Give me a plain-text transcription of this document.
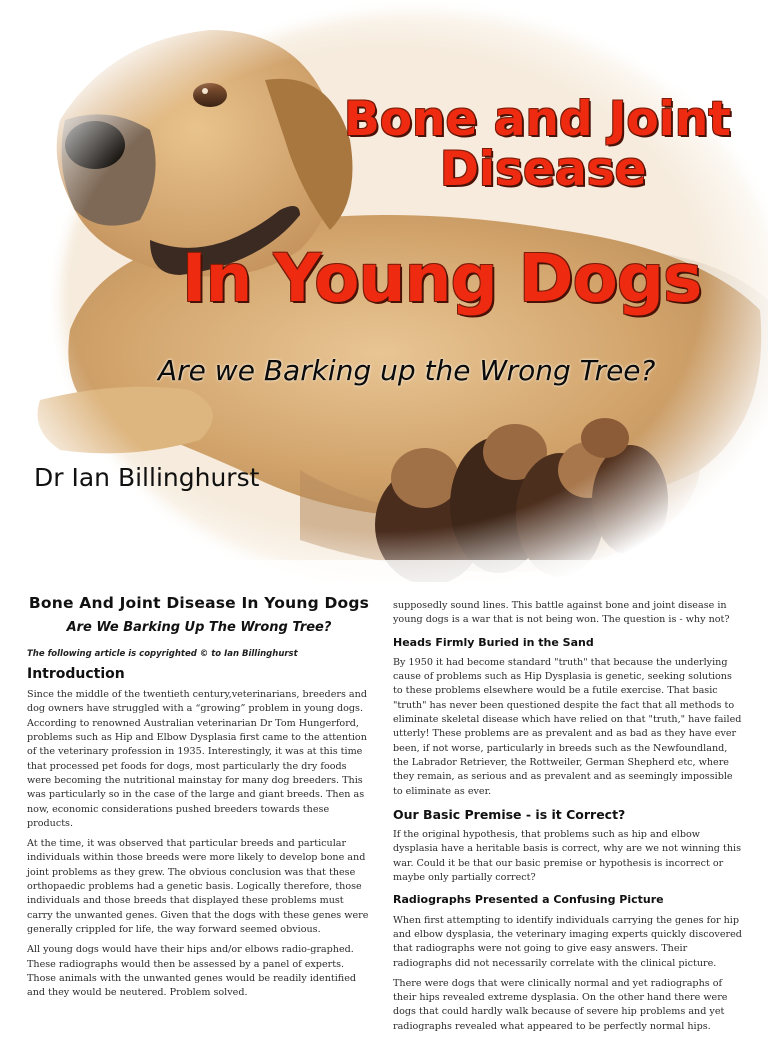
Bone and Joint
Disease
In Young Dogs

Are we Barking up the Wrong Tree?

Dr Ian Billinghurst

Bone And Joint Disease In Young Dogs
Are We Barking Up The Wrong Tree?

The following article is copyrighted © to Ian Billinghurst

Introduction

Since the middle of the twentieth century,veterinarians, breeders and dog owners have struggled with a “growing” problem in young dogs. According to renowned Australian veterinarian Dr Tom Hungerford, problems such as Hip and Elbow Dysplasia first came to the attention of the veterinary profession in 1935. Interestingly, it was at this time that processed pet foods for dogs, most particularly the dry foods were becoming the nutritional mainstay for many dog breeders. This was particularly so in the case of the large and giant breeds. Then as now, economic considerations pushed breeders towards these products.

At the time, it was observed that particular breeds and particular individuals within those breeds were more likely to develop bone and joint problems as they grew. The obvious conclusion was that these orthopaedic problems had a genetic basis. Logically therefore, those individuals and those breeds that displayed these problems must carry the unwanted genes. Given that the dogs with these genes were generally crippled for life, the way forward seemed obvious.

All young dogs would have their hips and/or elbows radio-graphed. These radiographs would then be assessed by a panel of experts. Those animals with the unwanted genes would be readily identified and they would be neutered. Problem solved.

supposedly sound lines. This battle against bone and joint disease in young dogs is a war that is not being won. The question is - why not?

Heads Firmly Buried in the Sand

By 1950 it had become standard "truth" that because the underlying cause of problems such as Hip Dysplasia is genetic, seeking solutions to these problems elsewhere would be a futile exercise. That basic "truth" has never been questioned despite the fact that all methods to eliminate skeletal disease which have relied on that "truth," have failed utterly! These problems are as prevalent and as bad as they have ever been, if not worse, particularly in breeds such as the Newfoundland, the Labrador Retriever, the Rottweiler, German Shepherd etc, where they remain, as serious and as prevalent and as seemingly impossible to eliminate as ever.

Our Basic Premise - is it Correct?

If the original hypothesis, that problems such as hip and elbow dysplasia have a heritable basis is correct, why are we not winning this war. Could it be that our basic premise or hypothesis is incorrect or maybe only partially correct?

Radiographs Presented a Confusing Picture

When first attempting to identify individuals carrying the genes for hip and elbow dysplasia, the veterinary imaging experts quickly discovered that radiographs were not going to give easy answers. Their radiographs did not necessarily correlate with the clinical picture.

There were dogs that were clinically normal and yet radiographs of their hips revealed extreme dysplasia. On the other hand there were dogs that could hardly walk because of severe hip problems and yet radiographs revealed what appeared to be perfectly normal hips.
